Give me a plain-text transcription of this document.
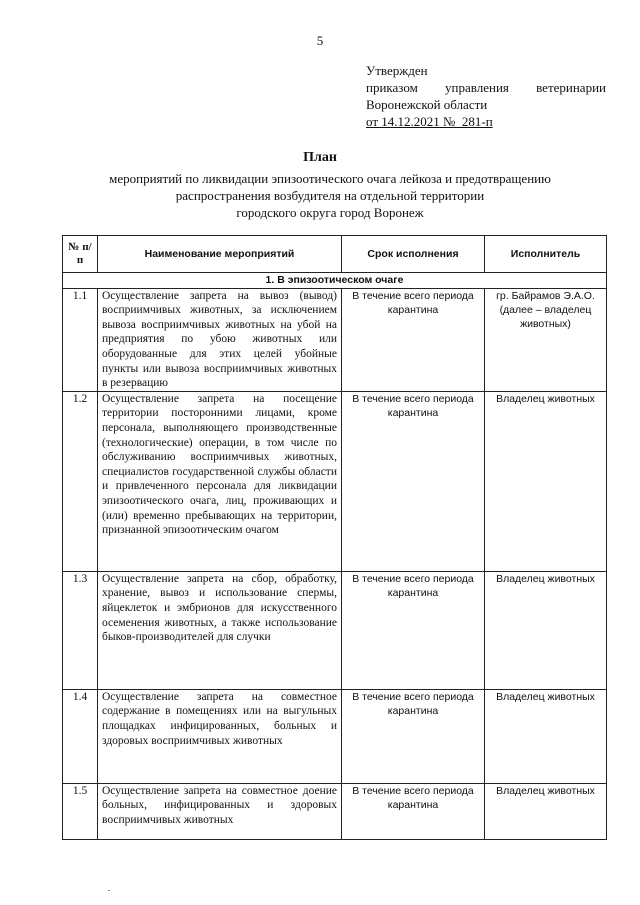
5
Утвержден
приказом управления ветеринарии
Воронежской области
от 14.12.2021 №_281-п
План
мероприятий по ликвидации эпизоотического очага лейкоза и предотвращению
распространения возбудителя на отдельной территории
городского округа город Воронеж
№ п/п	Наименование мероприятий	Срок исполнения	Исполнитель
1. В эпизоотическом очаге			
1.1	Осуществление запрета на вывоз (вывод) восприимчивых животных, за исключением вывоза восприимчивых животных на убой на предприятия по убою животных или оборудованные для этих целей убойные пункты или вывоза восприимчивых животных в резервацию	В течение всего периода карантина	гр. Байрамов Э.А.О. (далее – владелец животных)
1.2	Осуществление запрета на посещение территории посторонними лицами, кроме персонала, выполняющего производственные (технологические) операции, в том числе по обслуживанию восприимчивых животных, специалистов государственной службы области и привлеченного персонала для ликвидации эпизоотического очага, лиц, проживающих и (или) временно пребывающих на территории, признанной эпизоотическим очагом	В течение всего периода карантина	Владелец животных
1.3	Осуществление запрета на сбор, обработку, хранение, вывоз и использование спермы, яйцеклеток и эмбрионов для искусственного осеменения животных, а также использование быков-производителей для случки	В течение всего периода карантина	Владелец животных
1.4	Осуществление запрета на совместное содержание в помещениях или на выгульных площадках инфицированных, больных и здоровых восприимчивых животных	В течение всего периода карантина	Владелец животных
1.5	Осуществление запрета на совместное доение больных, инфицированных и здоровых восприимчивых животных	В течение всего периода карантина	Владелец животных
